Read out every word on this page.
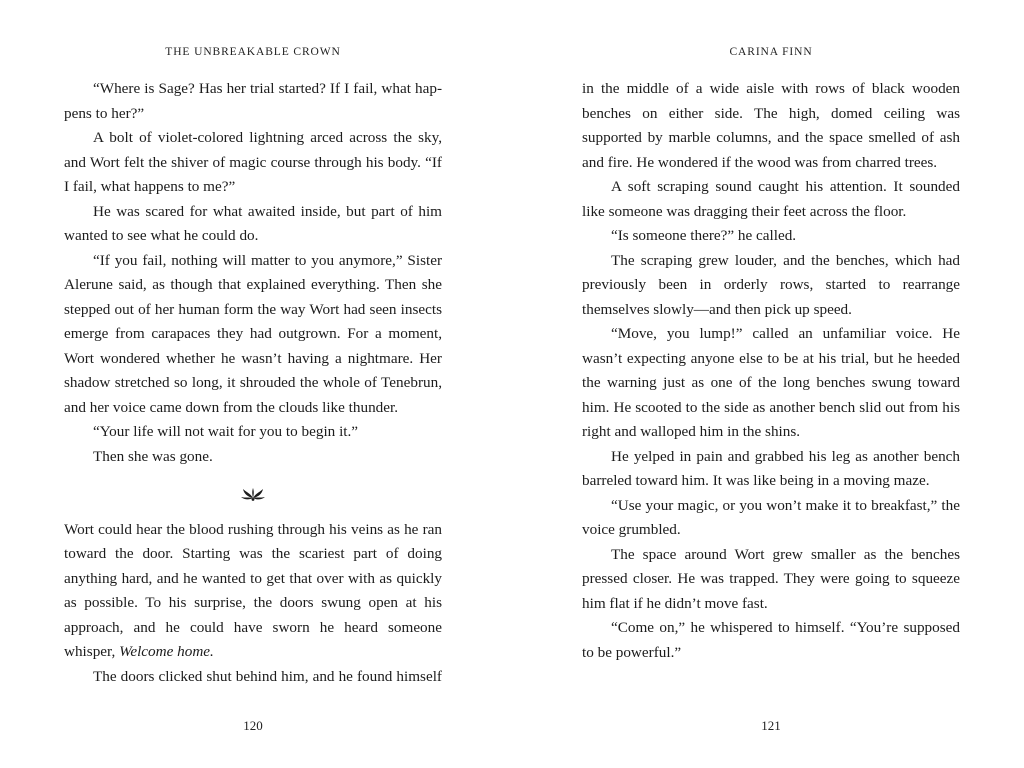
THE UNBREAKABLE CROWN

“Where is Sage? Has her trial started? If I fail, what happens to her?”

A bolt of violet-colored lightning arced across the sky, and Wort felt the shiver of magic course through his body. “If I fail, what happens to me?”

He was scared for what awaited inside, but part of him wanted to see what he could do.

“If you fail, nothing will matter to you anymore,” Sister Alerune said, as though that explained everything. Then she stepped out of her human form the way Wort had seen insects emerge from carapaces they had outgrown. For a moment, Wort wondered whether he wasn’t having a nightmare. Her shadow stretched so long, it shrouded the whole of Tenebrun, and her voice came down from the clouds like thunder.

“Your life will not wait for you to begin it.”

Then she was gone.

Wort could hear the blood rushing through his veins as he ran toward the door. Starting was the scariest part of doing anything hard, and he wanted to get that over with as quickly as possible. To his surprise, the doors swung open at his approach, and he could have sworn he heard someone whisper, Welcome home.

The doors clicked shut behind him, and he found himself

120
CARINA FINN

in the middle of a wide aisle with rows of black wooden benches on either side. The high, domed ceiling was supported by marble columns, and the space smelled of ash and fire. He wondered if the wood was from charred trees.

A soft scraping sound caught his attention. It sounded like someone was dragging their feet across the floor.

“Is someone there?” he called.

The scraping grew louder, and the benches, which had previously been in orderly rows, started to rearrange themselves slowly—and then pick up speed.

“Move, you lump!” called an unfamiliar voice. He wasn’t expecting anyone else to be at his trial, but he heeded the warning just as one of the long benches swung toward him. He scooted to the side as another bench slid out from his right and walloped him in the shins.

He yelped in pain and grabbed his leg as another bench barreled toward him. It was like being in a moving maze.

“Use your magic, or you won’t make it to breakfast,” the voice grumbled.

The space around Wort grew smaller as the benches pressed closer. He was trapped. They were going to squeeze him flat if he didn’t move fast.

“Come on,” he whispered to himself. “You’re supposed to be powerful.”

121
